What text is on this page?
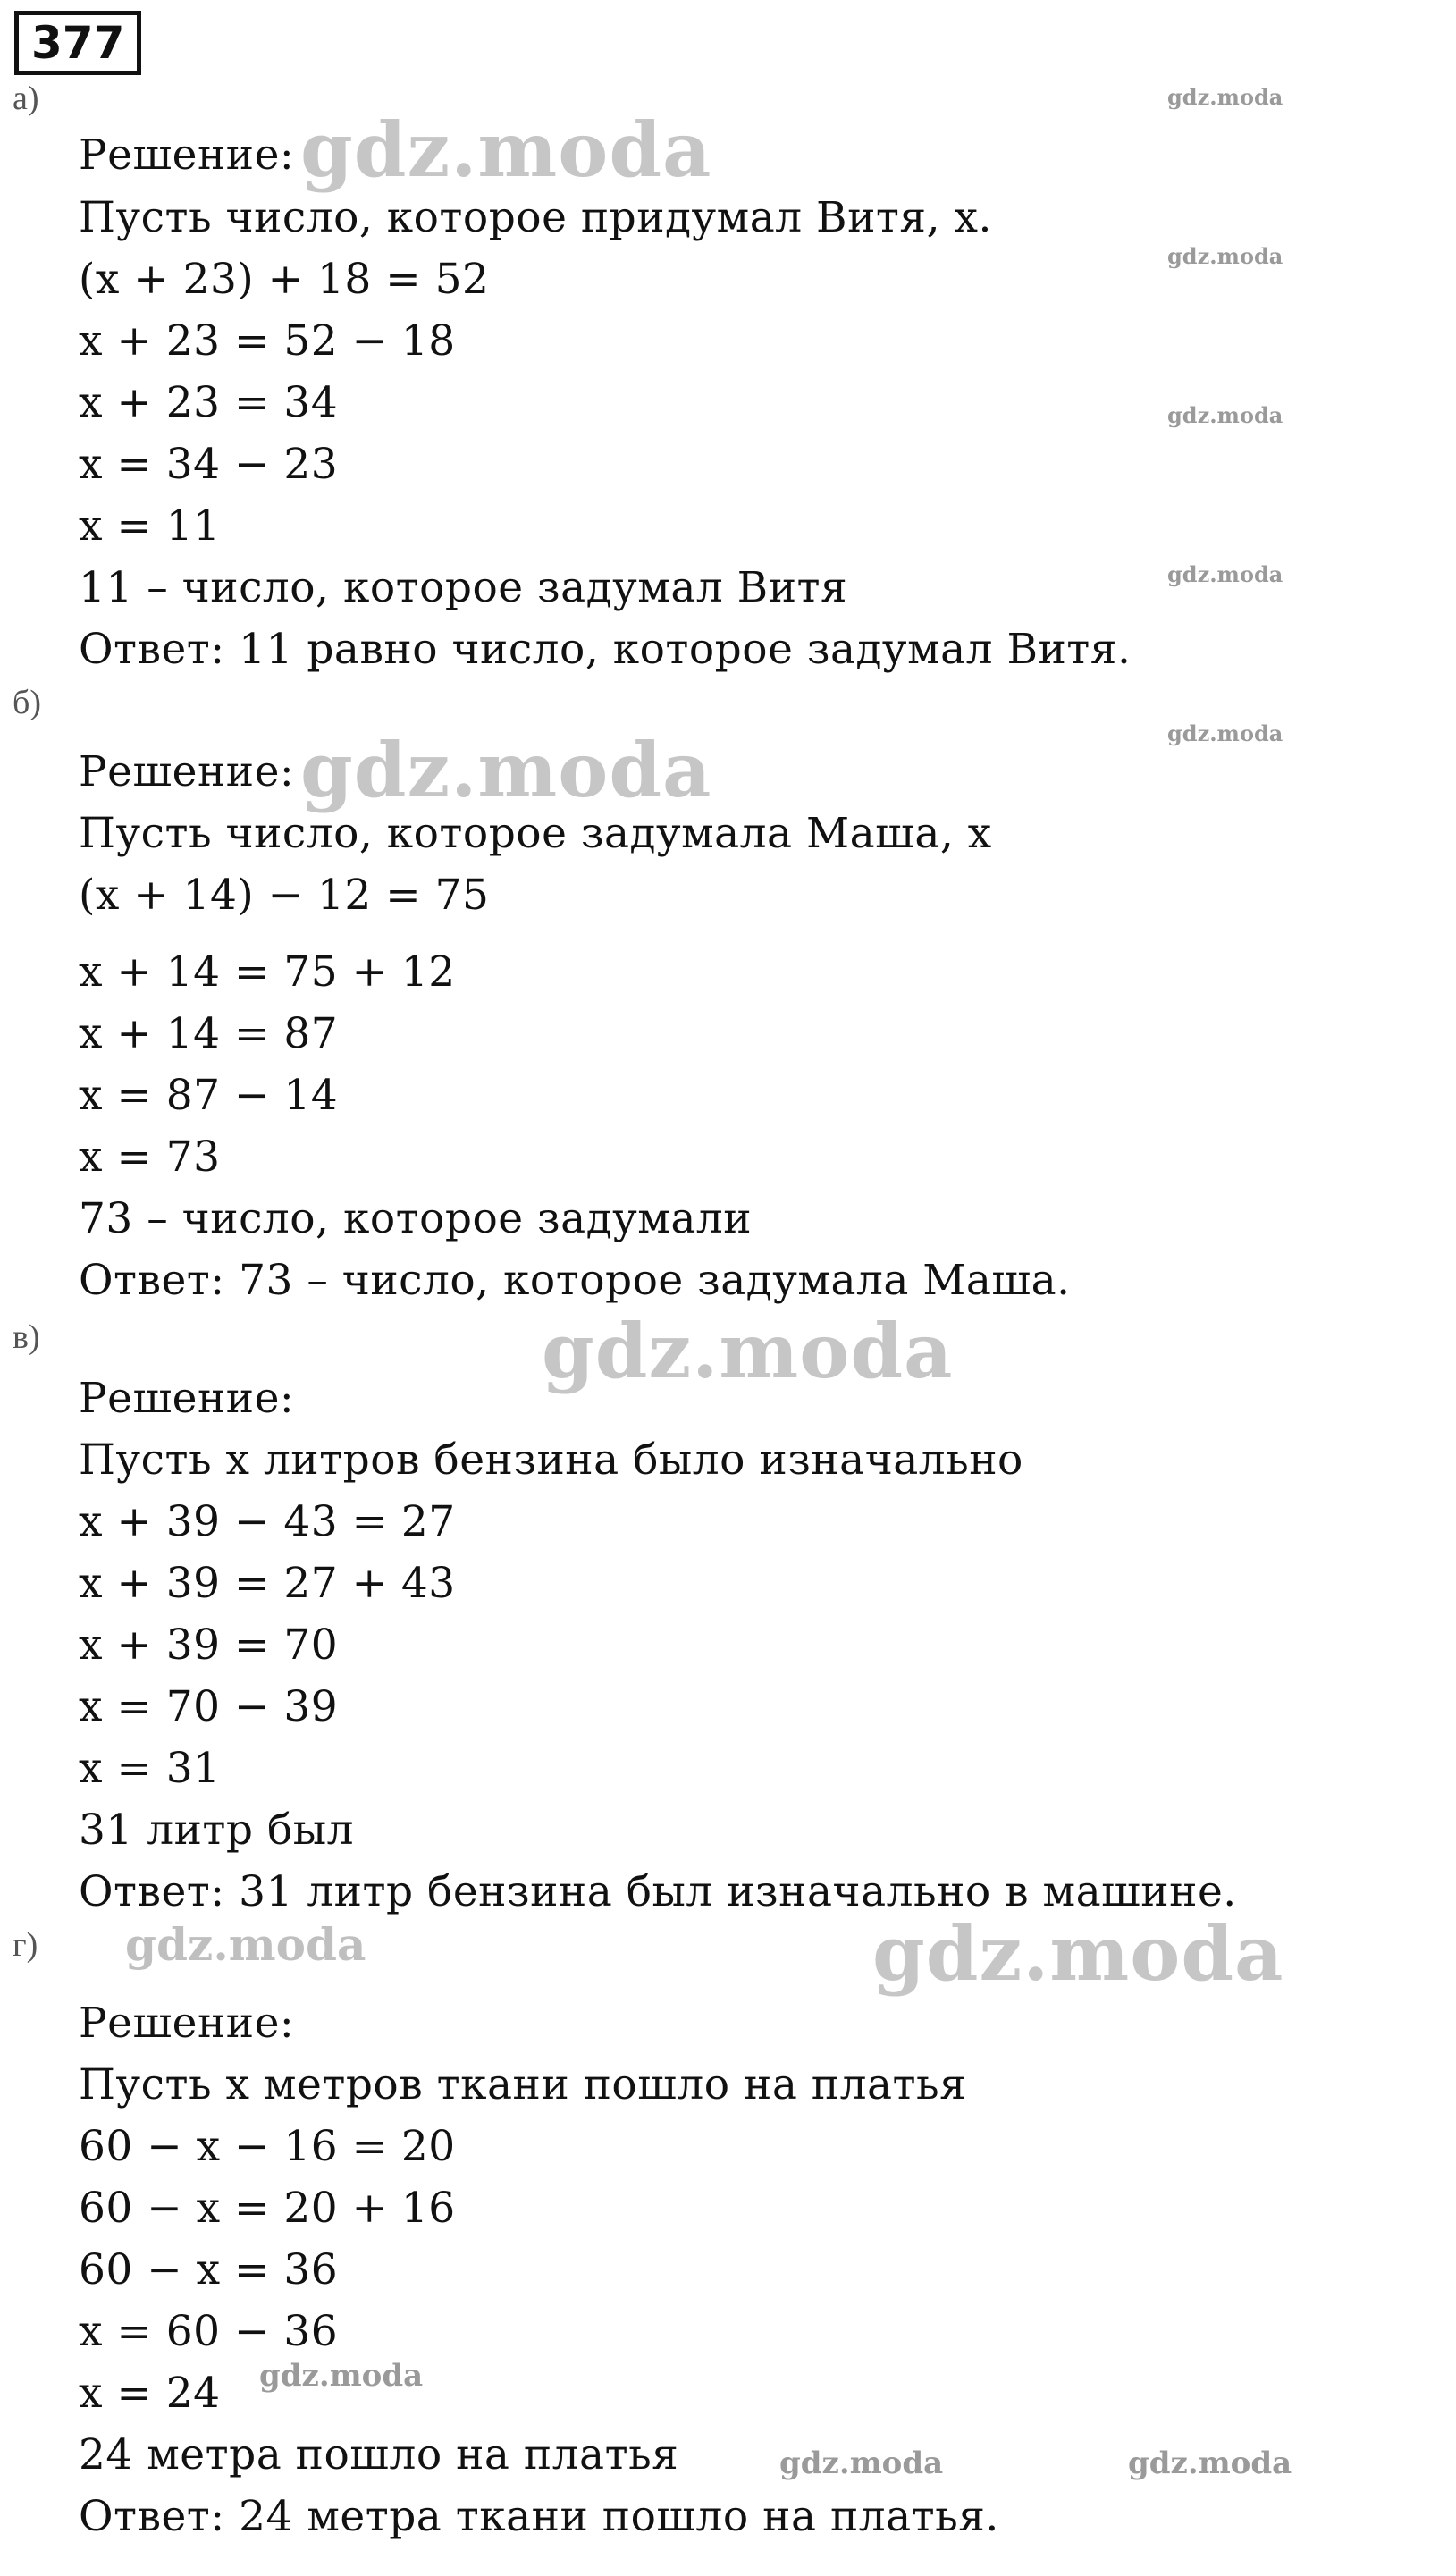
377
а)
Решение:
Пусть число, которое придумал Витя, x.
(x + 23) + 18 = 52
x + 23 = 52 − 18
x + 23 = 34
x = 34 − 23
x = 11
11 – число, которое задумал Витя
Ответ: 11 равно число, которое задумал Витя.
б)
Решение:
Пусть число, которое задумала Маша, x
(x + 14) − 12 = 75
x + 14 = 75 + 12
x + 14 = 87
x = 87 − 14
x = 73
73 – число, которое задумали
Ответ: 73 – число, которое задумала Маша.
в)
Решение:
Пусть x литров бензина было изначально
x + 39 − 43 = 27
x + 39 = 27 + 43
x + 39 = 70
x = 70 − 39
x = 31
31 литр был
Ответ: 31 литр бензина был изначально в машине.
г)
Решение:
Пусть x метров ткани пошло на платья
60 − x − 16 = 20
60 − x = 20 + 16
60 − x = 36
x = 60 − 36
x = 24
24 метра пошло на платья
Ответ: 24 метра ткани пошло на платья.
gdz.moda
gdz.moda
gdz.moda
gdz.moda
gdz.moda
gdz.moda
gdz.moda
gdz.moda
gdz.moda
gdz.moda
gdz.moda
gdz.moda	gdz.moda
